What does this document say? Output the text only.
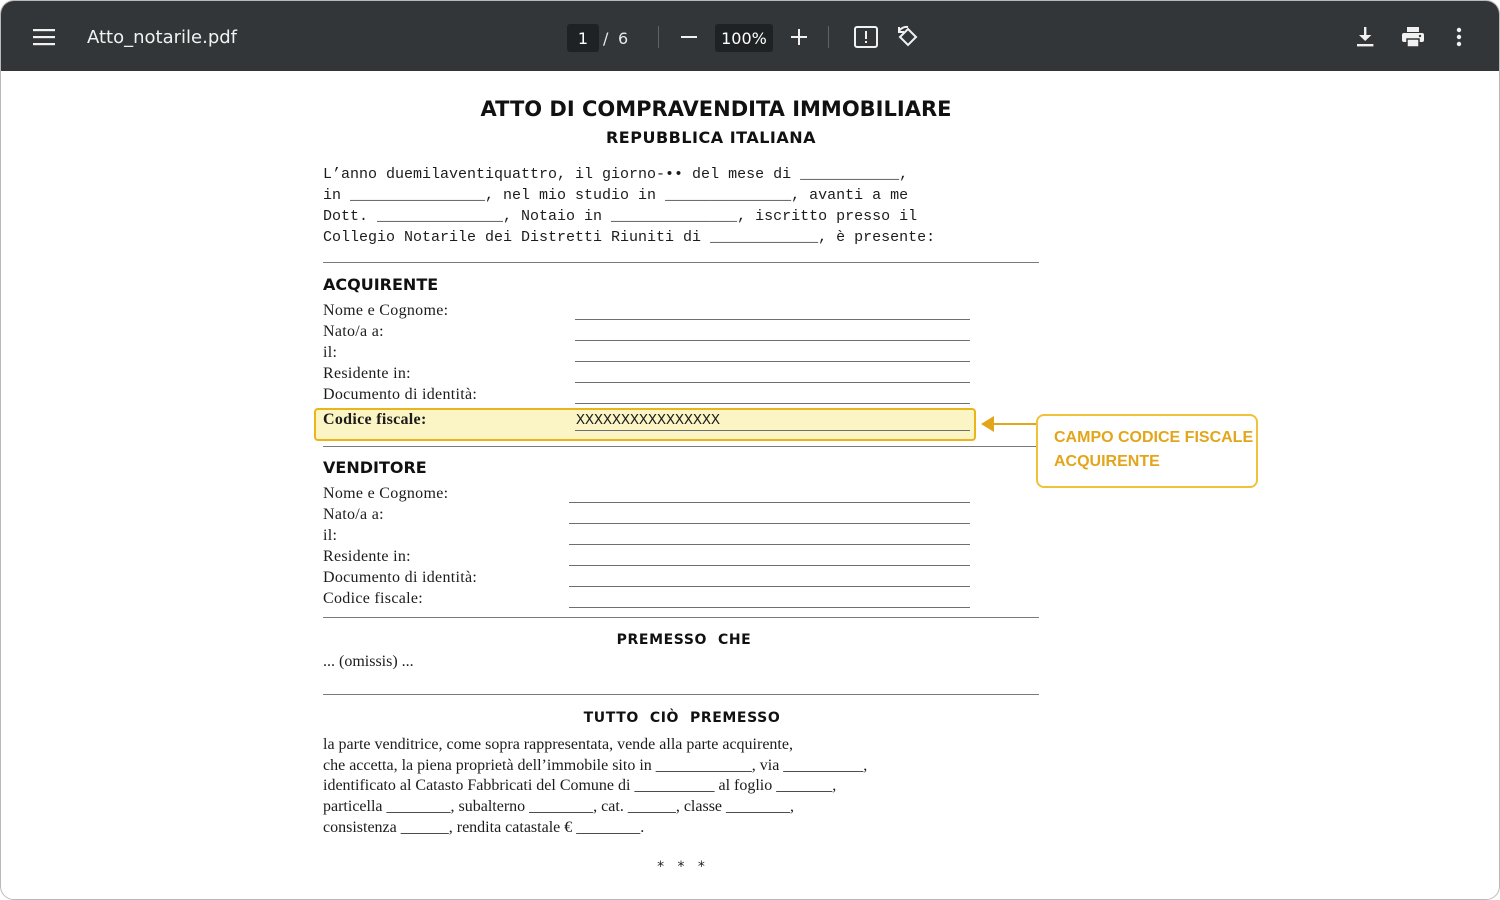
Atto_notarile.pdf	1 / 6	100%
ATTO DI COMPRAVENDITA IMMOBILIARE
REPUBBLICA ITALIANA
L’anno duemilaventiquattro, il giorno-•• del mese di ___________,
in _______________, nel mio studio in ______________, avanti a me
Dott. ______________, Notaio in ______________, iscritto presso il
Collegio Notarile dei Distretti Riuniti di ____________, è presente:
ACQUIRENTE
Nome e Cognome:
Nato/a a:
il:
Residente in:
Documento di identità:
Codice fiscale:	XXXXXXXXXXXXXXXX
CAMPO CODICE FISCALE
ACQUIRENTE
VENDITORE
Nome e Cognome:
Nato/a a:
il:
Residente in:
Documento di identità:
Codice fiscale:
PREMESSO  CHE
... (omissis) ...
TUTTO  CIÒ  PREMESSO
la parte venditrice, come sopra rappresentata, vende alla parte acquirente,
che accetta, la piena proprietà dell’immobile sito in ____________, via __________,
identificato al Catasto Fabbricati del Comune di __________ al foglio _______,
particella ________, subalterno ________, cat. ______, classe ________,
consistenza ______, rendita catastale € ________.
*   *   *
